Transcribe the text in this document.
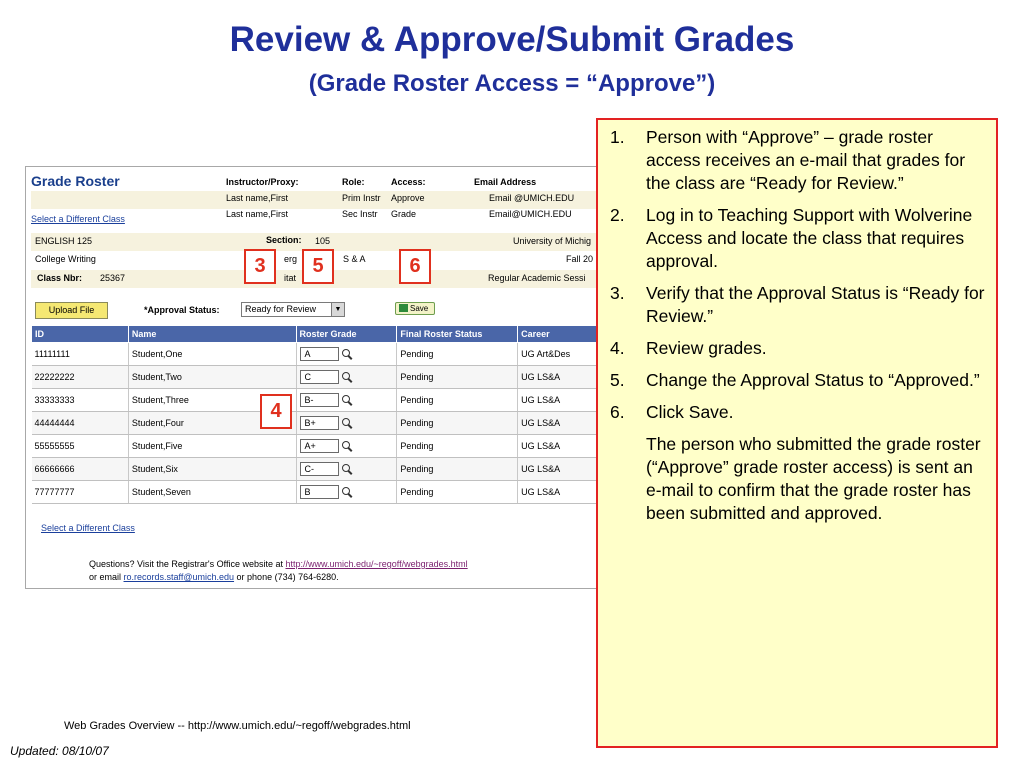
Review & Approve/Submit Grades
(Grade Roster Access = “Approve”)
Grade Roster
Select a Different Class
Instructor/Proxy:	Role:	Access:	Email Address
Last name,First	Prim Instr Approve	Email @UMICH.EDU
Last name,First	Sec Instr Grade	Email@UMICH.EDU
ENGLISH 125	Section: 105	University of Michig
College Writing	erg	S & A	Fall 20
Class Nbr: 25367	itat	Regular Academic Sessi
Upload File	*Approval Status:	Ready for Review	▼	Save
ID	Name	Roster Grade	Final Roster Status	Career
11111111	Student,One	A	Pending	UG Art&Des
22222222	Student,Two	C	Pending	UG LS&A
33333333	Student,Three	B-	Pending	UG LS&A
44444444	Student,Four	B+	Pending	UG LS&A
55555555	Student,Five	A+	Pending	UG LS&A
66666666	Student,Six	C-	Pending	UG LS&A
77777777	Student,Seven	B	Pending	UG LS&A
Select a Different Class
Questions? Visit the Registrar's Office website at http://www.umich.edu/~regoff/webgrades.html
or email ro.records.staff@umich.edu or phone (734) 764-6280.
3	5	6
4
1.	Person with “Approve” – grade roster access receives an e-mail that grades for the class are “Ready for Review.”
2.	Log in to Teaching Support with Wolverine Access and locate the class that requires approval.
3.	Verify that the Approval Status is “Ready for Review.”
4.	Review grades.
5.	Change the Approval Status to “Approved.”
6.	Click Save.
The person who submitted the grade roster (“Approve” grade roster access) is sent an e-mail to confirm that the grade roster has been submitted and approved.
Web Grades Overview -- http://www.umich.edu/~regoff/webgrades.html
Updated: 08/10/07
